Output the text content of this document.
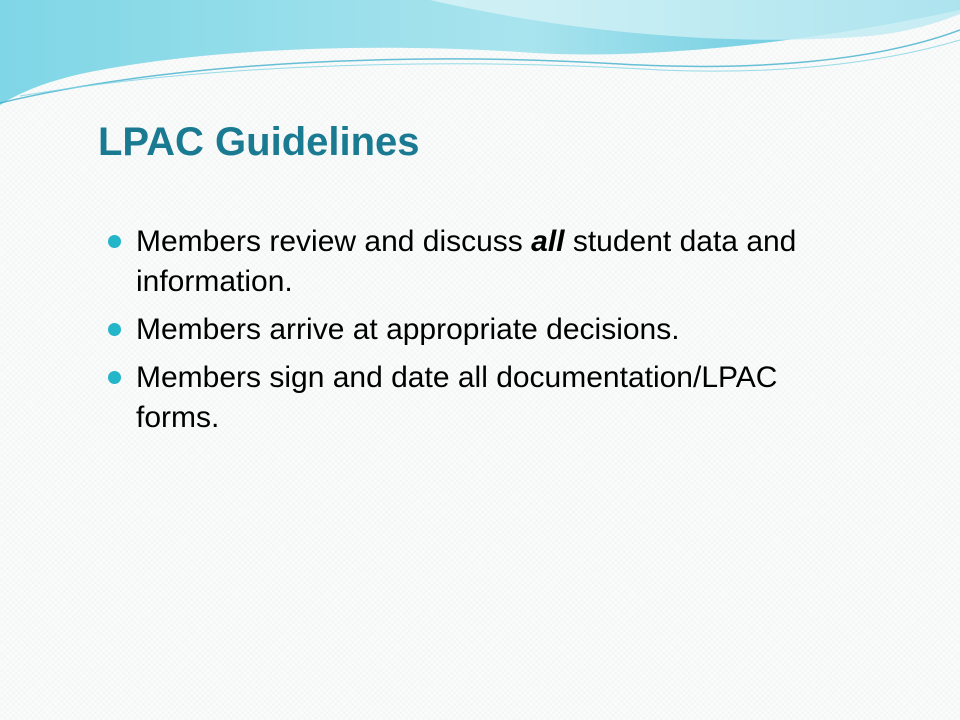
LPAC Guidelines
Members review and discuss all student data and information.
Members arrive at appropriate decisions.
Members sign and date all documentation/LPAC forms.
